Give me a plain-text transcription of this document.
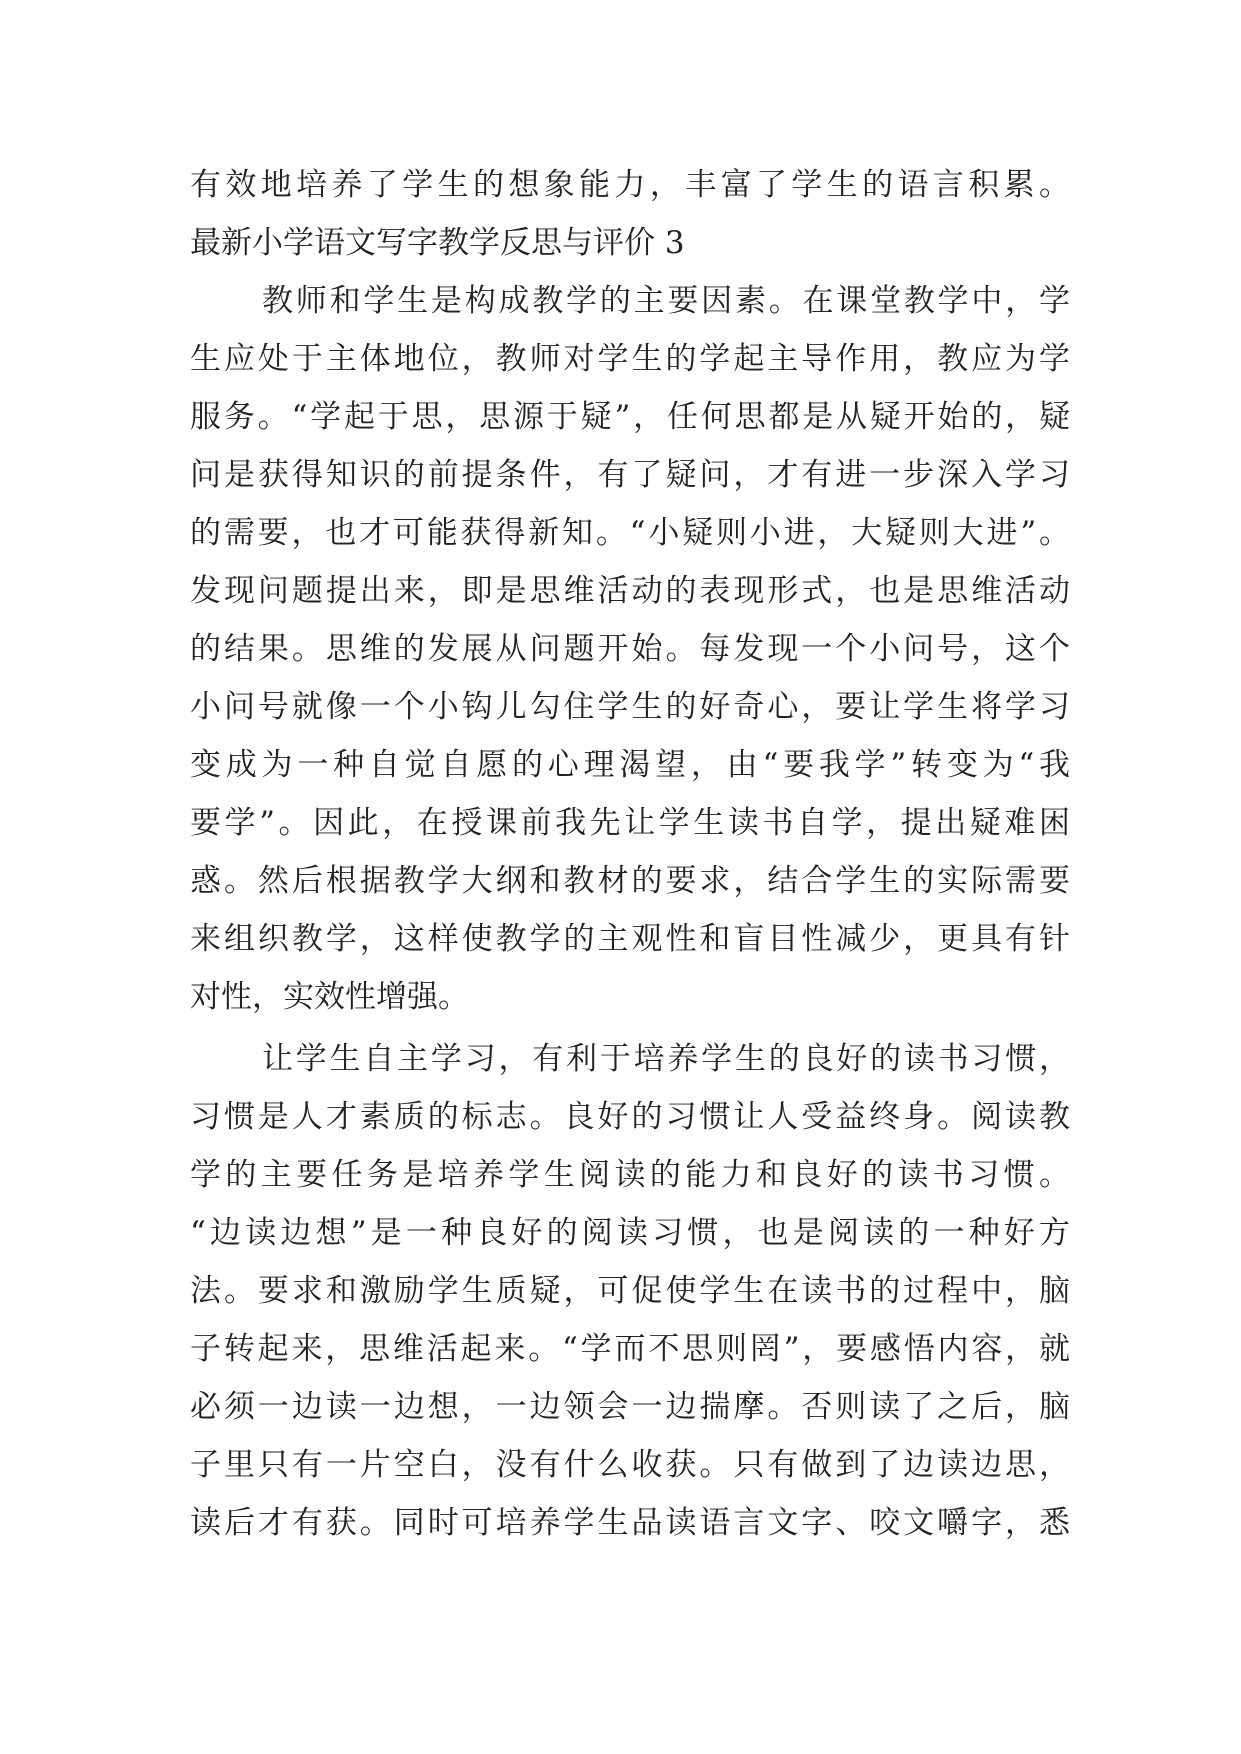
有效地培养了学生的想象能力，丰富了学生的语言积累。
最新小学语文写字教学反思与评价 3
教师和学生是构成教学的主要因素。在课堂教学中，学
生应处于主体地位，教师对学生的学起主导作用，教应为学
服务。“学起于思，思源于疑”，任何思都是从疑开始的，疑
问是获得知识的前提条件，有了疑问，才有进一步深入学习
的需要，也才可能获得新知。“小疑则小进，大疑则大进”。
发现问题提出来，即是思维活动的表现形式，也是思维活动
的结果。思维的发展从问题开始。每发现一个小问号，这个
小问号就像一个小钩儿勾住学生的好奇心，要让学生将学习
变成为一种自觉自愿的心理渴望，由“要我学”转变为“我
要学”。因此，在授课前我先让学生读书自学，提出疑难困
惑。然后根据教学大纲和教材的要求，结合学生的实际需要
来组织教学，这样使教学的主观性和盲目性减少，更具有针
对性，实效性增强。
让学生自主学习，有利于培养学生的良好的读书习惯，
习惯是人才素质的标志。良好的习惯让人受益终身。阅读教
学的主要任务是培养学生阅读的能力和良好的读书习惯。
“边读边想”是一种良好的阅读习惯，也是阅读的一种好方
法。要求和激励学生质疑，可促使学生在读书的过程中，脑
子转起来，思维活起来。“学而不思则罔”，要感悟内容，就
必须一边读一边想，一边领会一边揣摩。否则读了之后，脑
子里只有一片空白，没有什么收获。只有做到了边读边思，
读后才有获。同时可培养学生品读语言文字、咬文嚼字，悉
